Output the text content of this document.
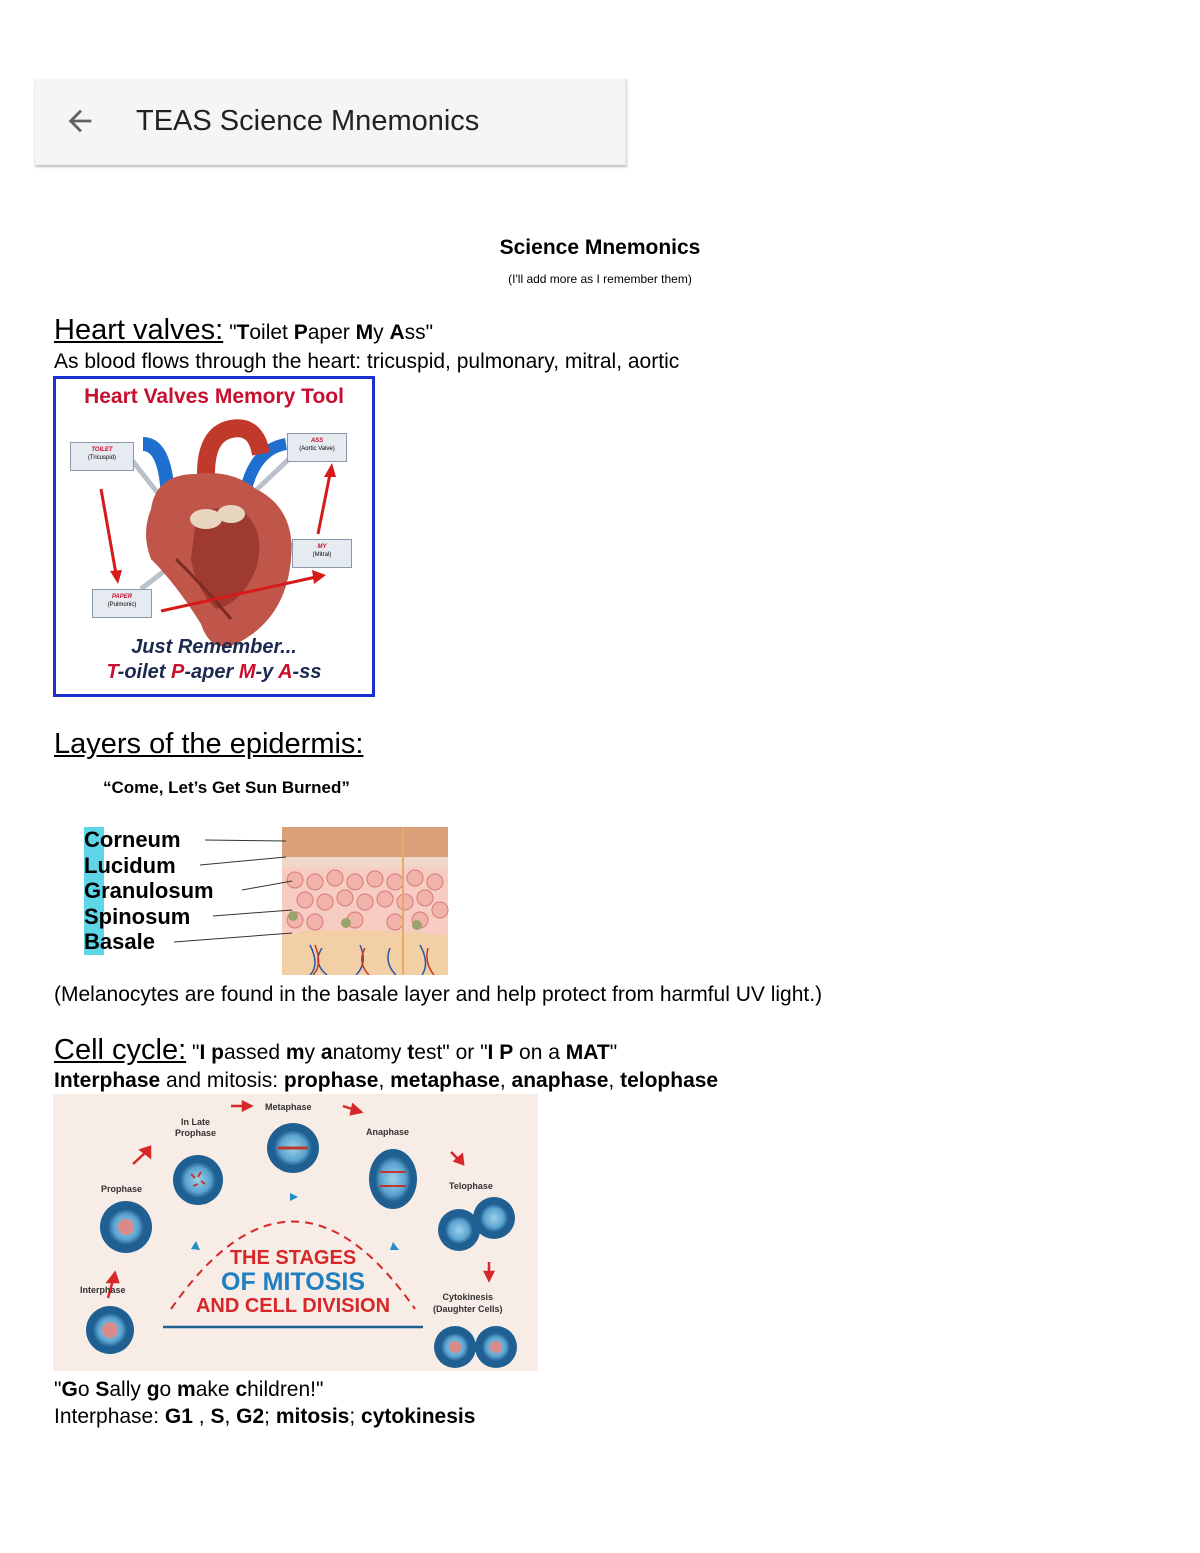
TEAS Science Mnemonics
Science Mnemonics
(I'll add more as I remember them)
Heart valves: "Toilet Paper My Ass"
As blood flows through the heart: tricuspid, pulmonary, mitral, aortic
Heart Valves Memory Tool
TOILET
(Tricuspid)
ASS
(Aortic Valve)
MY
(Mitral)
PAPER
(Pulmonic)
Just Remember...
T-oilet P-aper M-y A-ss
Layers of the epidermis:
“Come, Let’s Get Sun Burned”
Corneum
Lucidum
Granulosum
Spinosum
Basale
(Melanocytes are found in the basale layer and help protect from harmful UV light.)
Cell cycle: "I passed my anatomy test" or "I P on a MAT"
Interphase and mitosis: prophase, metaphase, anaphase, telophase
Interphase
Prophase
In Late
Prophase
Metaphase
Anaphase
Telophase
Cytokinesis
(Daughter Cells)
THE STAGES
OF MITOSIS
AND CELL DIVISION
"Go Sally go make children!"
Interphase: G1 , S, G2; mitosis; cytokinesis
